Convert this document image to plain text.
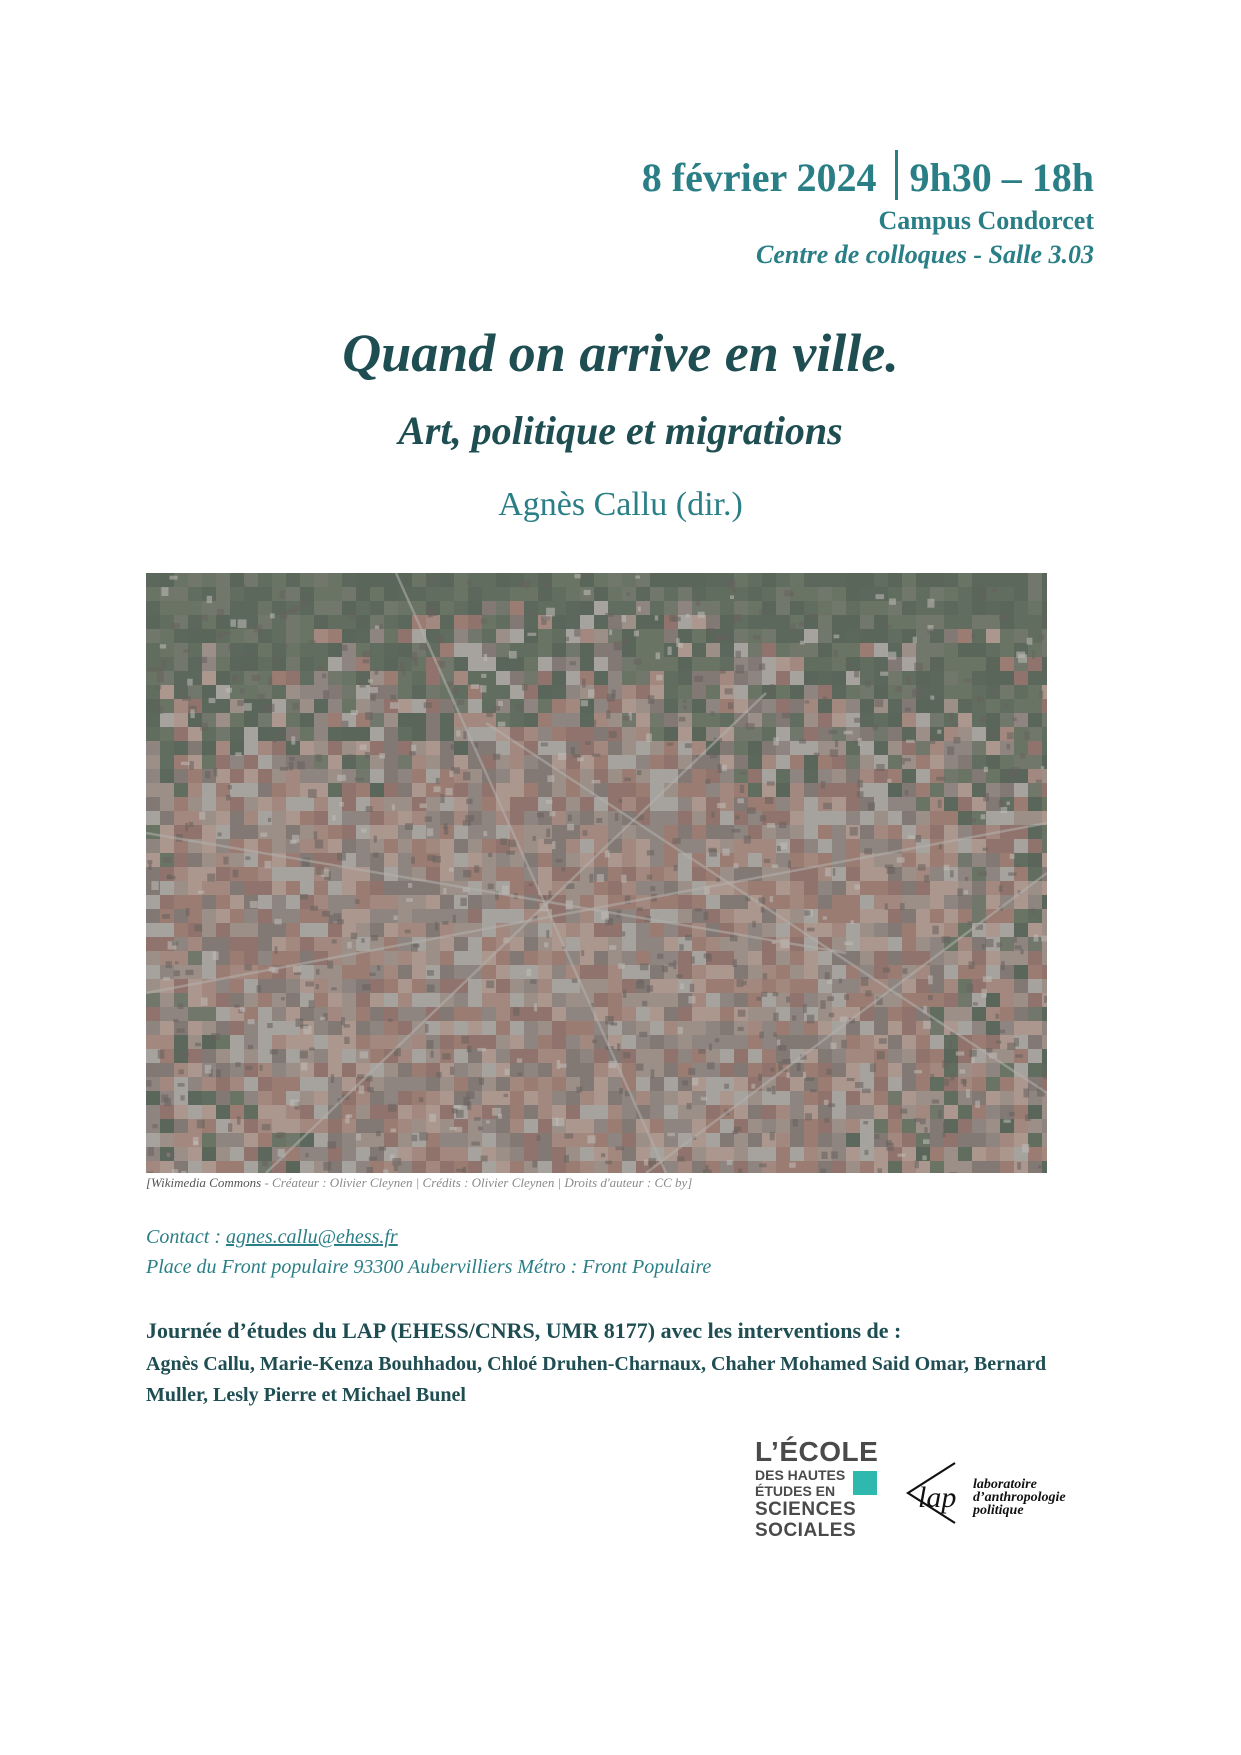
8 février 2024 9h30 – 18h
Campus Condorcet
Centre de colloques - Salle 3.03
Quand on arrive en ville.
Art, politique et migrations
Agnès Callu (dir.)
[Wikimedia Commons - Créateur : Olivier Cleynen | Crédits : Olivier Cleynen | Droits d'auteur : CC by]
Contact : agnes.callu@ehess.fr
Place du Front populaire 93300 Aubervilliers Métro : Front Populaire
Journée d’études du LAP (EHESS/CNRS, UMR 8177) avec les interventions de :
Agnès Callu, Marie-Kenza Bouhhadou, Chloé Druhen-Charnaux, Chaher Mohamed Said Omar, Bernard Muller, Lesly Pierre et Michael Bunel
L’ÉCOLE
DES HAUTES
ÉTUDES EN
SCIENCES
SOCIALES
lap laboratoire
d’anthropologie
politique
